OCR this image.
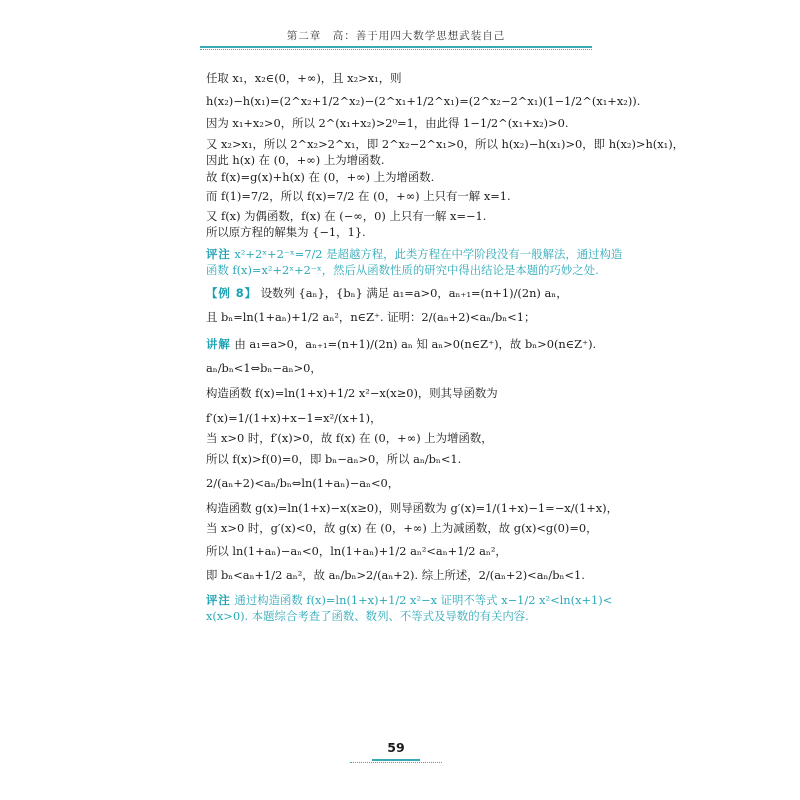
第二章　高：善于用四大数学思想武装自己
任取 x₁，x₂∈(0，+∞)，且 x₂>x₁，则
h(x₂)−h(x₁)=(2^x₂+1/2^x₂)−(2^x₁+1/2^x₁)=(2^x₂−2^x₁)(1−1/2^(x₁+x₂)).
因为 x₁+x₂>0，所以 2^(x₁+x₂)>2⁰=1，由此得 1−1/2^(x₁+x₂)>0.
又 x₂>x₁，所以 2^x₂>2^x₁，即 2^x₂−2^x₁>0，所以 h(x₂)−h(x₁)>0，即 h(x₂)>h(x₁)，
因此 h(x) 在 (0，+∞) 上为增函数.
故 f(x)=g(x)+h(x) 在 (0，+∞) 上为增函数.
而 f(1)=7/2，所以 f(x)=7/2 在 (0，+∞) 上只有一解 x=1.
又 f(x) 为偶函数，f(x) 在 (−∞，0) 上只有一解 x=−1.
所以原方程的解集为 {−1，1}.
评注 x²+2ˣ+2⁻ˣ=7/2 是超越方程，此类方程在中学阶段没有一般解法，通过构造
函数 f(x)=x²+2ˣ+2⁻ˣ，然后从函数性质的研究中得出结论是本题的巧妙之处.
【例 8】 设数列 {aₙ}，{bₙ} 满足 a₁=a>0，aₙ₊₁=(n+1)/(2n) aₙ，
且 bₙ=ln(1+aₙ)+1/2 aₙ²，n∈Z⁺. 证明：2/(aₙ+2)<aₙ/bₙ<1；
讲解 由 a₁=a>0，aₙ₊₁=(n+1)/(2n) aₙ 知 aₙ>0(n∈Z⁺)，故 bₙ>0(n∈Z⁺).
aₙ/bₙ<1⇔bₙ−aₙ>0，
构造函数 f(x)=ln(1+x)+1/2 x²−x(x≥0)，则其导函数为
f′(x)=1/(1+x)+x−1=x²/(x+1)，
当 x>0 时，f′(x)>0，故 f(x) 在 (0，+∞) 上为增函数，
所以 f(x)>f(0)=0，即 bₙ−aₙ>0，所以 aₙ/bₙ<1.
2/(aₙ+2)<aₙ/bₙ⇔ln(1+aₙ)−aₙ<0，
构造函数 g(x)=ln(1+x)−x(x≥0)，则导函数为 g′(x)=1/(1+x)−1=−x/(1+x)，
当 x>0 时，g′(x)<0，故 g(x) 在 (0，+∞) 上为减函数，故 g(x)<g(0)=0，
所以 ln(1+aₙ)−aₙ<0，ln(1+aₙ)+1/2 aₙ²<aₙ+1/2 aₙ²，
即 bₙ<aₙ+1/2 aₙ²，故 aₙ/bₙ>2/(aₙ+2). 综上所述，2/(aₙ+2)<aₙ/bₙ<1.
评注 通过构造函数 f(x)=ln(1+x)+1/2 x²−x 证明不等式 x−1/2 x²<ln(x+1)<
x(x>0). 本题综合考查了函数、数列、不等式及导数的有关内容.
59
